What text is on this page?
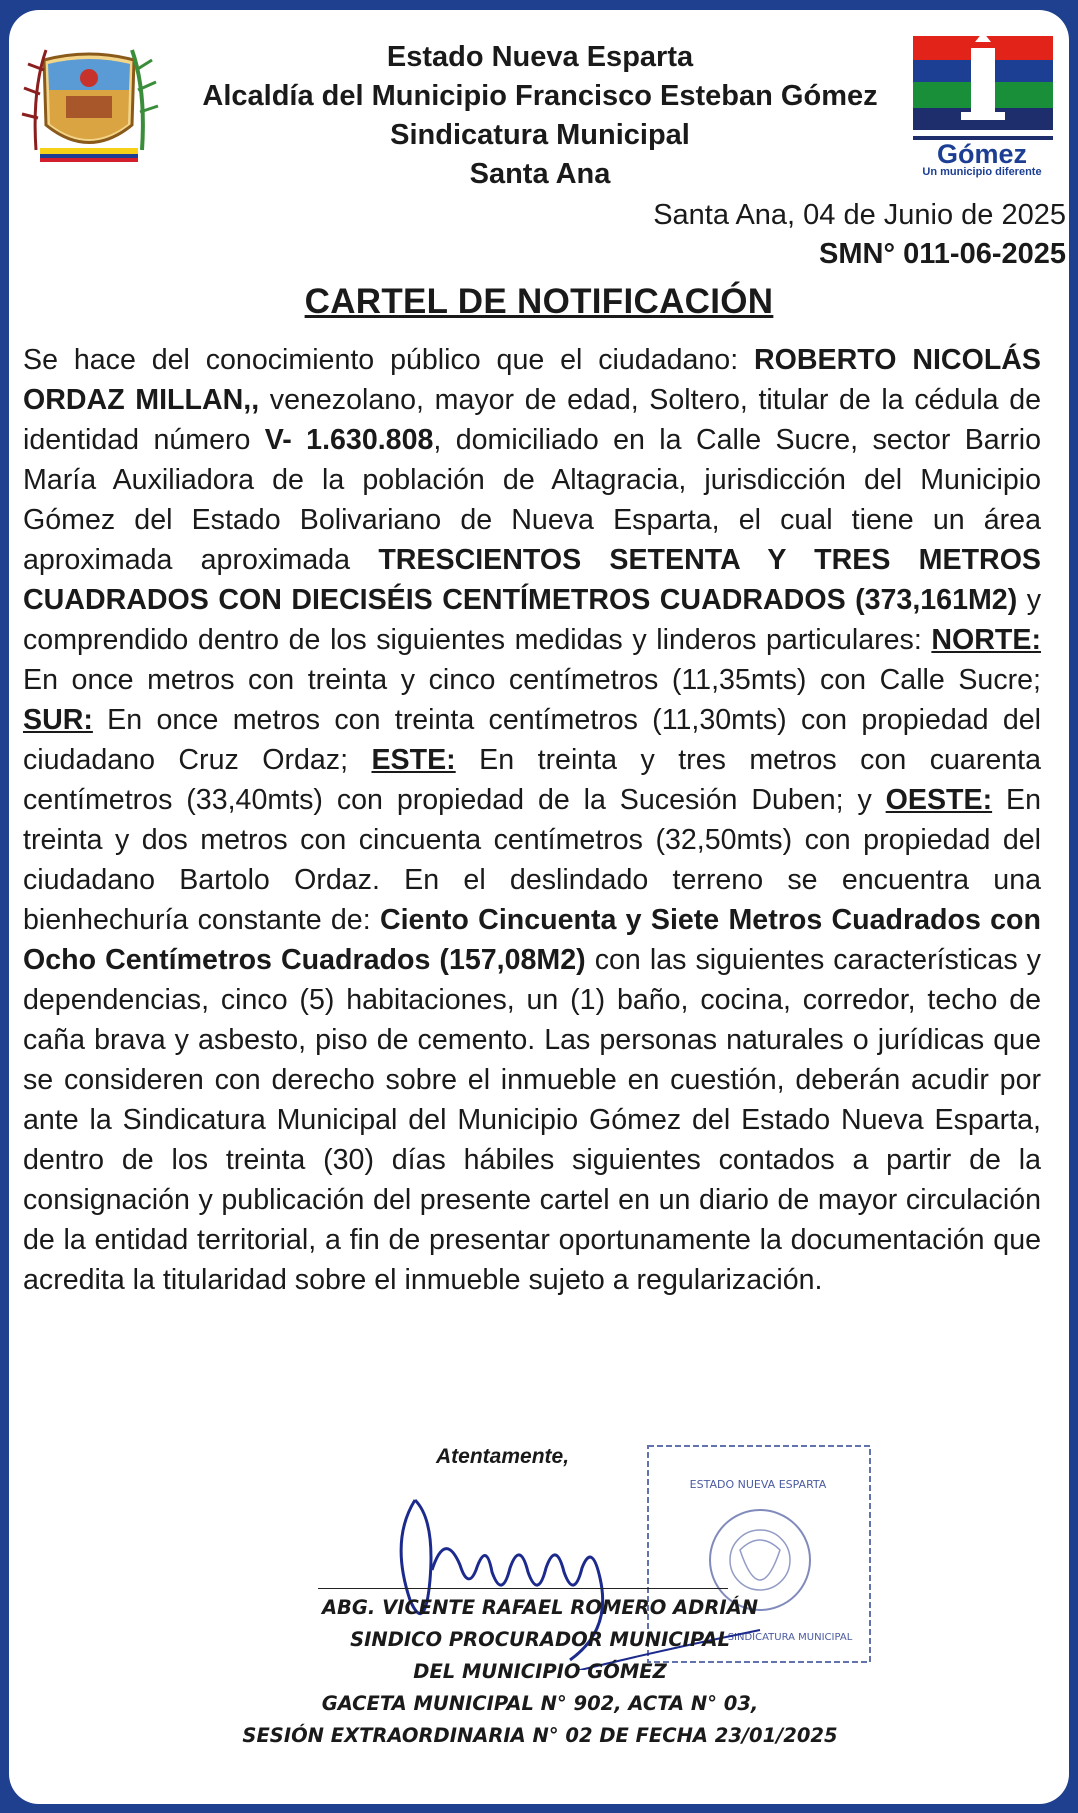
Gómez
Un municipio diferente
Estado Nueva Esparta
Alcaldía del Municipio Francisco Esteban Gómez
Sindicatura Municipal
Santa Ana
Santa Ana, 04 de Junio de 2025
SMN° 011-06-2025
CARTEL DE NOTIFICACIÓN
Se hace del conocimiento público que el ciudadano: ROBERTO NICOLÁS ORDAZ MILLAN,, venezolano, mayor de edad, Soltero, titular de la cédula de identidad número V- 1.630.808, domiciliado en la Calle Sucre, sector Barrio María Auxiliadora de la población de Altagracia, jurisdicción del Municipio Gómez del Estado Bolivariano de Nueva Esparta, el cual tiene un área aproximada aproximada TRESCIENTOS SETENTA Y TRES METROS CUADRADOS CON DIECISÉIS CENTÍMETROS CUADRADOS (373,161M2) y comprendido dentro de los siguientes medidas y linderos particulares: NORTE: En once metros con treinta y cinco centímetros (11,35mts) con Calle Sucre; SUR: En once metros con treinta centímetros (11,30mts) con propiedad del ciudadano Cruz Ordaz; ESTE: En treinta y tres metros con cuarenta centímetros (33,40mts) con propiedad de la Sucesión Duben; y OESTE: En treinta y dos metros con cincuenta centímetros (32,50mts) con propiedad del ciudadano Bartolo Ordaz. En el deslindado terreno se encuentra una bienhechuría constante de: Ciento Cincuenta y Siete Metros Cuadrados con Ocho Centímetros Cuadrados (157,08M2) con las siguientes características y dependencias, cinco (5) habitaciones, un (1) baño, cocina, corredor, techo de caña brava y asbesto, piso de cemento. Las personas naturales o jurídicas que se consideren con derecho sobre el inmueble en cuestión, deberán acudir por ante la Sindicatura Municipal del Municipio Gómez del Estado Nueva Esparta, dentro de los treinta (30) días hábiles siguientes contados a partir de la consignación y publicación del presente cartel en un diario de mayor circulación de la entidad territorial, a fin de presentar oportunamente la documentación que acredita la titularidad sobre el inmueble sujeto a regularización.
Atentamente,
ESTADO NUEVA ESPARTA
SINDICATURA MUNICIPAL
ABG. VICENTE RAFAEL ROMERO ADRIÁN
SINDICO PROCURADOR MUNICIPAL
DEL MUNICIPIO GÓMEZ
GACETA MUNICIPAL N° 902, ACTA N° 03,
SESIÓN EXTRAORDINARIA N° 02 DE FECHA 23/01/2025
